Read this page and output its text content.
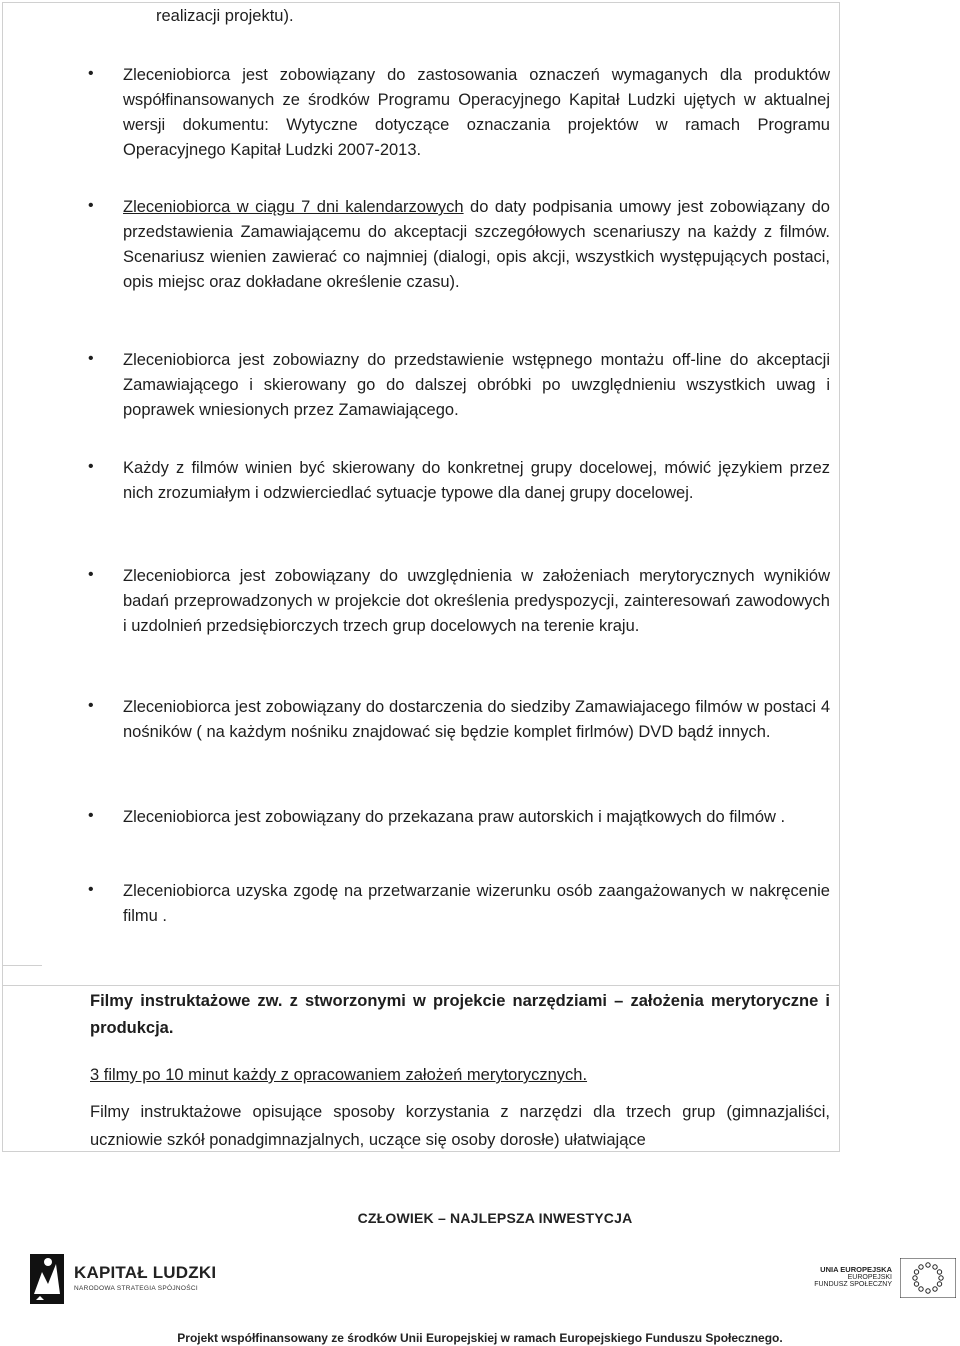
realizacji projektu).
• Zleceniobiorca jest zobowiązany do zastosowania oznaczeń wymaganych dla produktów współfinansowanych ze środków Programu Operacyjnego Kapitał Ludzki ujętych w aktualnej wersji dokumentu: Wytyczne dotyczące oznaczania projektów w ramach Programu Operacyjnego Kapitał Ludzki 2007-2013.
• Zleceniobiorca w ciągu 7 dni kalendarzowych do daty podpisania umowy jest zobowiązany do przedstawienia Zamawiającemu do akceptacji szczegółowych scenariuszy na każdy z filmów. Scenariusz wienien zawierać co najmniej (dialogi, opis akcji, wszystkich występujących postaci, opis miejsc oraz dokładane określenie czasu).
• Zleceniobiorca jest zobowiazny do przedstawienie wstępnego montażu off-line do akceptacji Zamawiającego i skierowany go do dalszej obróbki po uwzględnieniu wszystkich uwag i poprawek wniesionych przez Zamawiającego.
• Każdy z filmów winien być skierowany do konkretnej grupy docelowej, mówić językiem przez nich zrozumiałym i odzwierciedlać sytuacje typowe dla danej grupy docelowej.
• Zleceniobiorca jest zobowiązany do uwzględnienia w założeniach merytorycznych wynikiów badań przeprowadzonych w projekcie dot określenia predyspozycji, zainteresowań zawodowych i uzdolnień przedsiębiorczych trzech grup docelowych na terenie kraju.
• Zleceniobiorca jest zobowiązany do dostarczenia do siedziby Zamawiajacego filmów w postaci 4 nośników ( na każdym nośniku znajdować się będzie komplet firlmów) DVD bądź innych.
• Zleceniobiorca jest zobowiązany do przekazana praw autorskich i majątkowych do filmów .
• Zleceniobiorca uzyska zgodę na przetwarzanie wizerunku osób zaangażowanych w nakręcenie filmu .
Filmy instruktażowe zw. z stworzonymi w projekcie narzędziami – założenia merytoryczne i produkcja.
3 filmy po 10 minut każdy z opracowaniem założeń merytorycznych.
Filmy instruktażowe opisujące sposoby korzystania z narzędzi dla trzech grup (gimnazjaliści, uczniowie szkół ponadgimnazjalnych, uczące się osoby dorosłe) ułatwiające
CZŁOWIEK – NAJLEPSZA INWESTYCJA
KAPITAŁ LUDZKI
NARODOWA STRATEGIA SPÓJNOŚCI
UNIA EUROPEJSKA
EUROPEJSKI
FUNDUSZ SPOŁECZNY
Projekt współfinansowany ze środków Unii Europejskiej w ramach Europejskiego Funduszu Społecznego.
